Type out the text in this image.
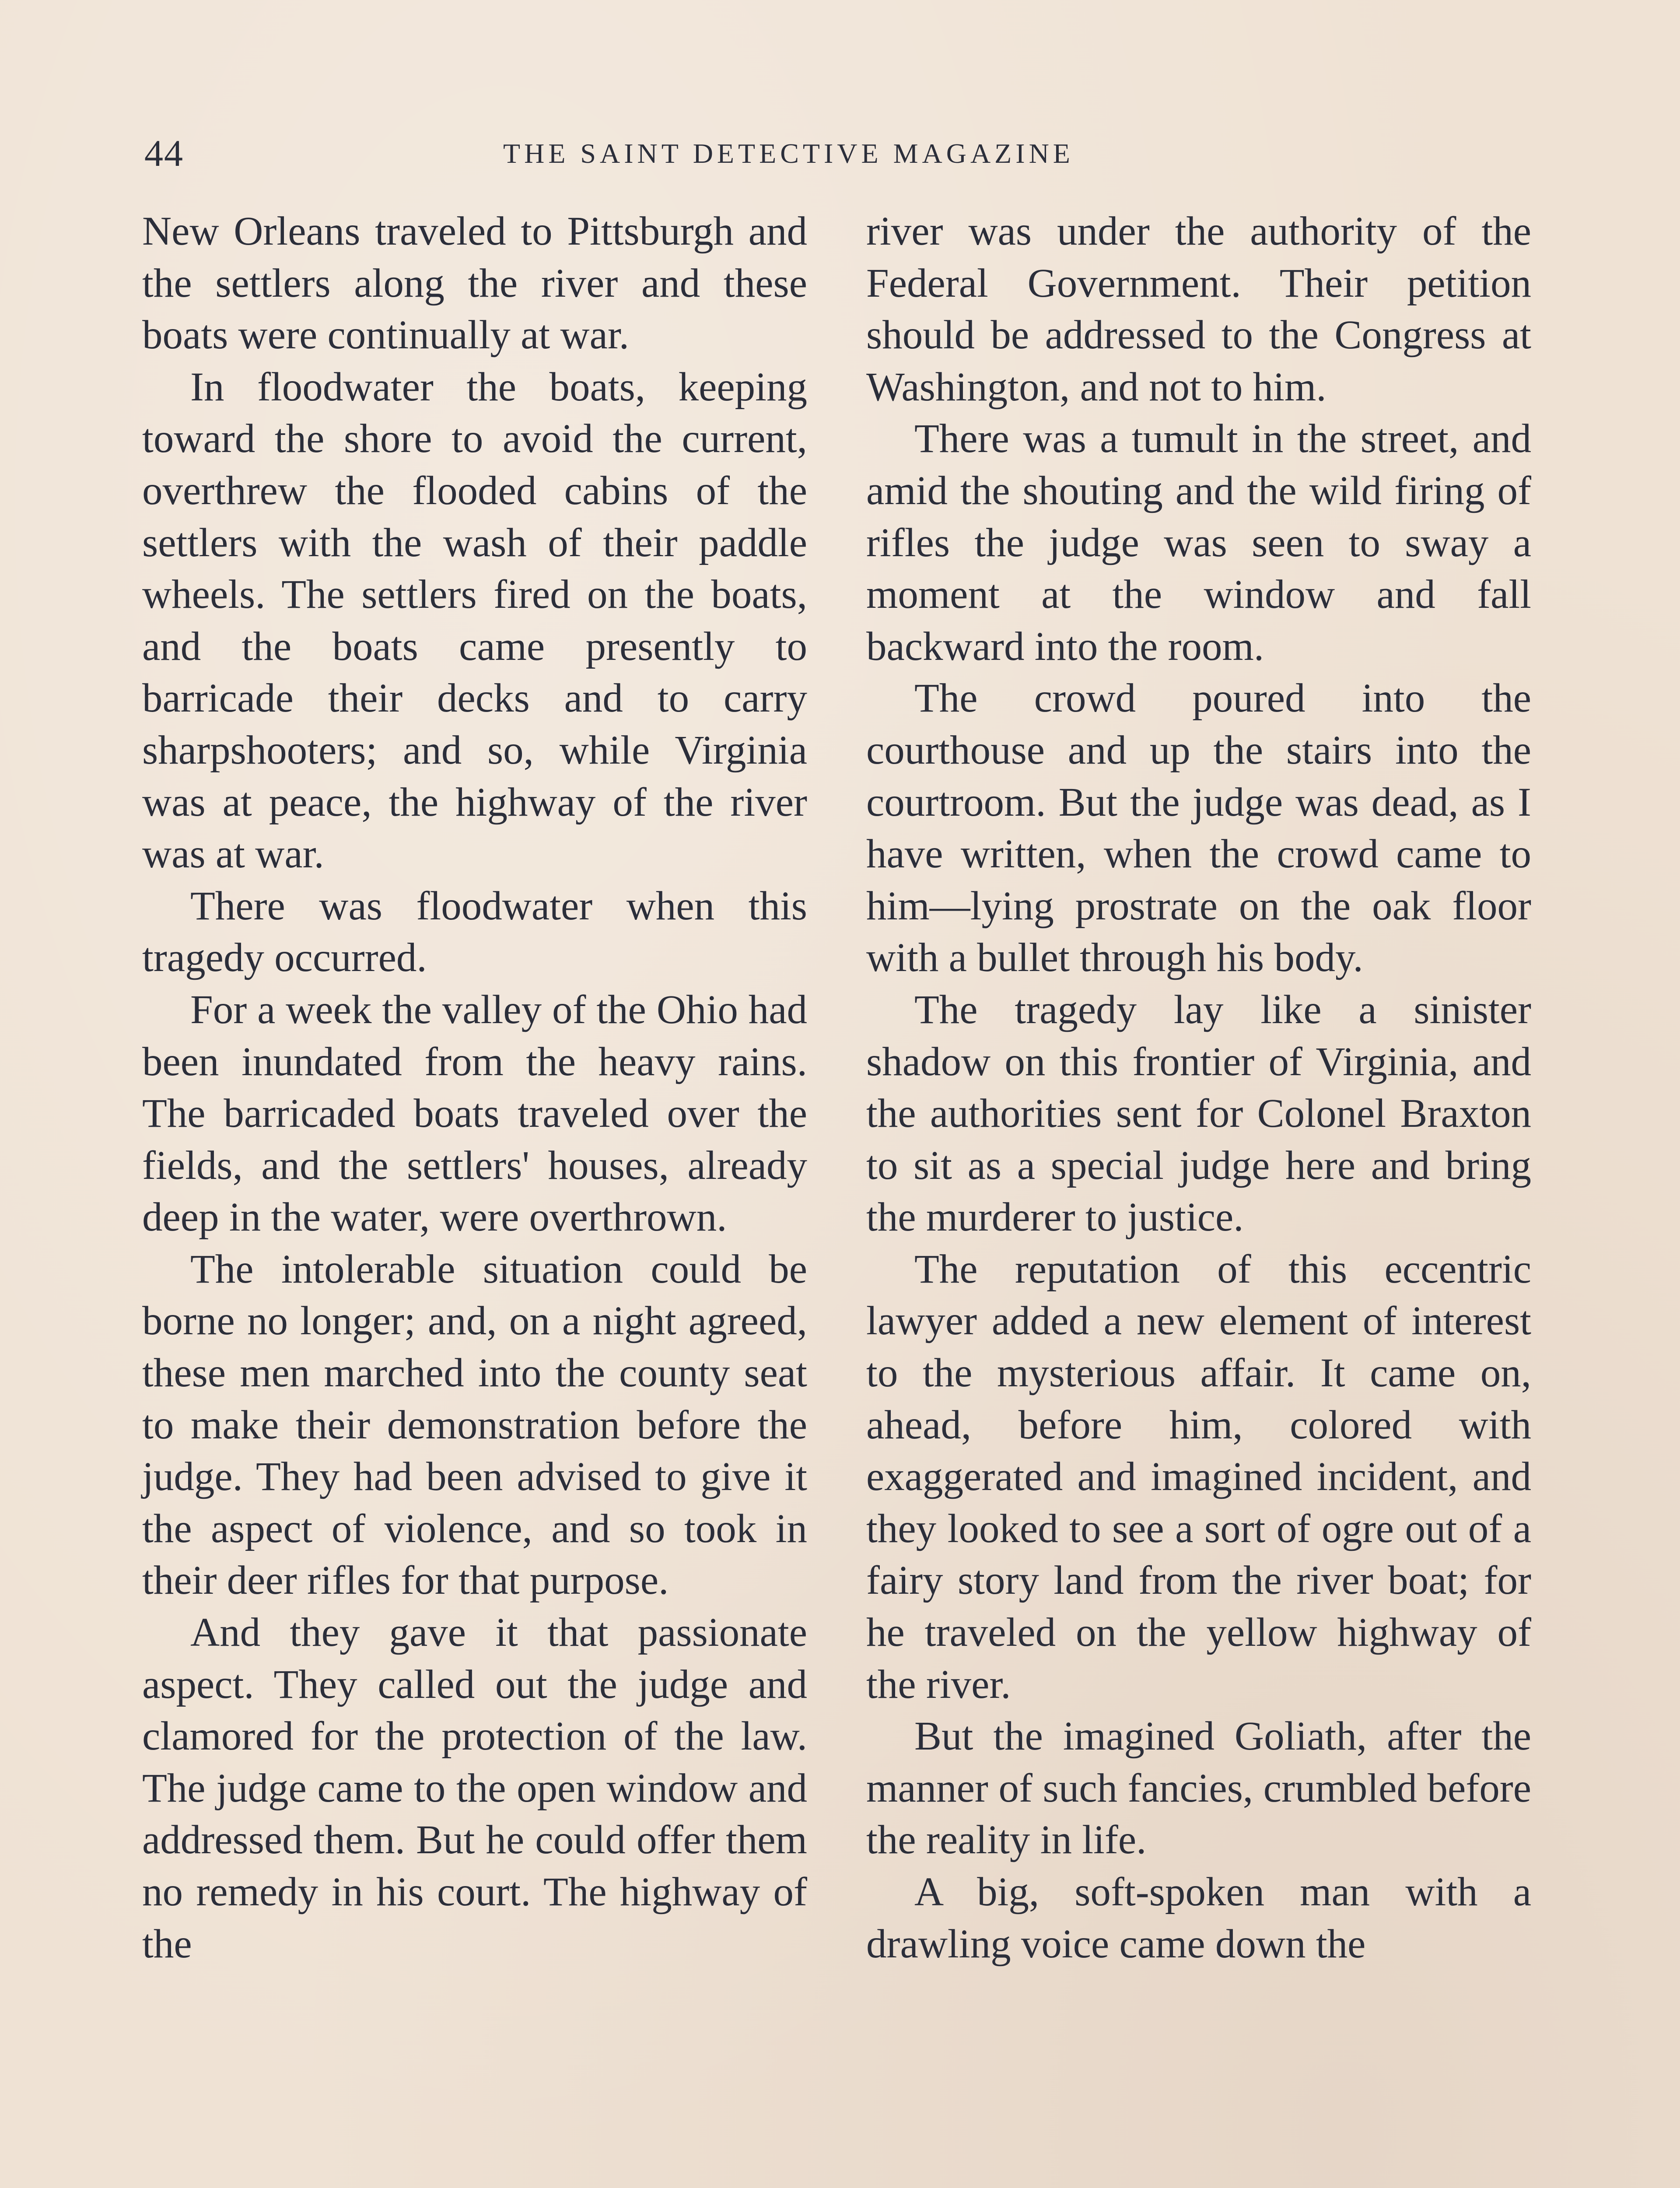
44	THE SAINT DETECTIVE MAGAZINE

New Orleans traveled to Pittsburgh and the settlers along the river and these boats were continually at war.

In floodwater the boats, keeping toward the shore to avoid the current, overthrew the flooded cabins of the settlers with the wash of their paddle wheels. The settlers fired on the boats, and the boats came presently to barricade their decks and to carry sharpshooters; and so, while Virginia was at peace, the highway of the river was at war.

There was floodwater when this tragedy occurred.

For a week the valley of the Ohio had been inundated from the heavy rains. The barricaded boats traveled over the fields, and the settlers' houses, already deep in the water, were overthrown.

The intolerable situation could be borne no longer; and, on a night agreed, these men marched into the county seat to make their demonstration before the judge. They had been advised to give it the aspect of violence, and so took in their deer rifles for that purpose.

And they gave it that passionate aspect. They called out the judge and clamored for the protection of the law. The judge came to the open window and addressed them. But he could offer them no remedy in his court. The highway of the

river was under the authority of the Federal Government. Their petition should be addressed to the Congress at Washington, and not to him.

There was a tumult in the street, and amid the shouting and the wild firing of rifles the judge was seen to sway a moment at the window and fall backward into the room.

The crowd poured into the courthouse and up the stairs into the courtroom. But the judge was dead, as I have written, when the crowd came to him—lying prostrate on the oak floor with a bullet through his body.

The tragedy lay like a sinister shadow on this frontier of Virginia, and the authorities sent for Colonel Braxton to sit as a special judge here and bring the murderer to justice.

The reputation of this eccentric lawyer added a new element of interest to the mysterious affair. It came on, ahead, before him, colored with exaggerated and imagined incident, and they looked to see a sort of ogre out of a fairy story land from the river boat; for he traveled on the yellow highway of the river.

But the imagined Goliath, after the manner of such fancies, crumbled before the reality in life.

A big, soft-spoken man with a drawling voice came down the
